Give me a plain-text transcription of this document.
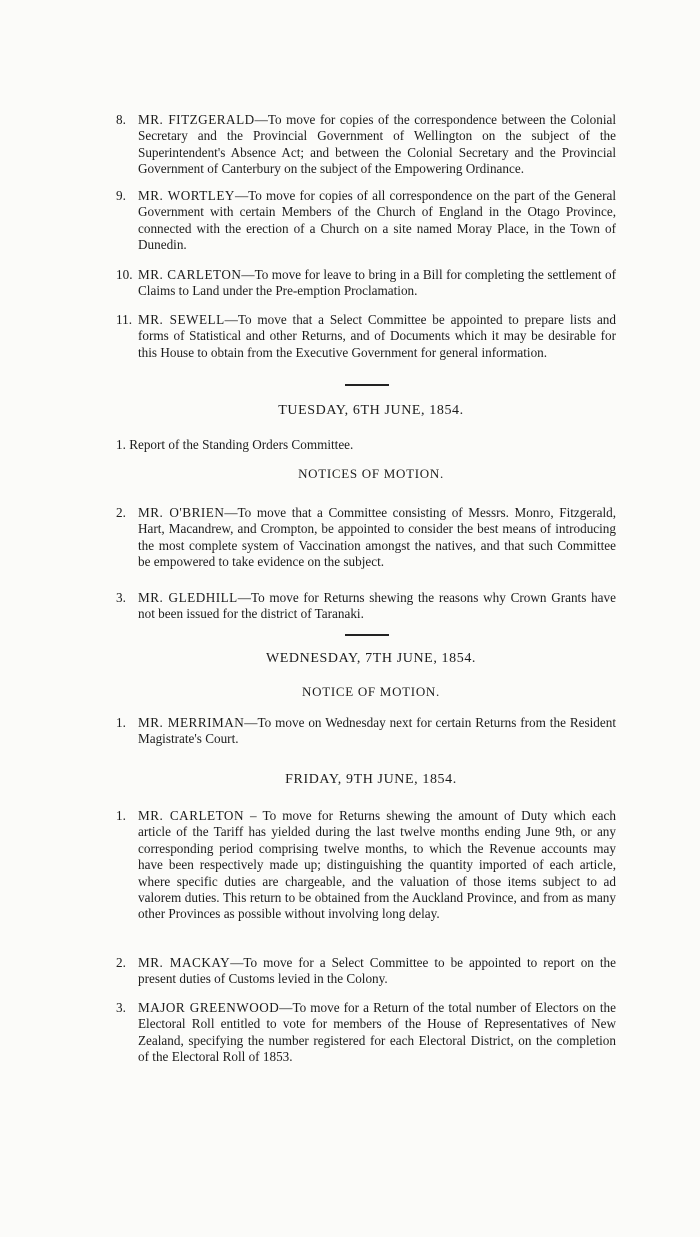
8. MR. FITZGERALD—To move for copies of the correspondence between the Colonial Secretary and the Provincial Government of Wellington on the subject of the Superintendent's Absence Act; and between the Colonial Secretary and the Provincial Government of Canterbury on the subject of the Empowering Ordinance.
9. MR. WORTLEY—To move for copies of all correspondence on the part of the General Government with certain Members of the Church of England in the Otago Province, connected with the erection of a Church on a site named Moray Place, in the Town of Dunedin.
10. MR. CARLETON—To move for leave to bring in a Bill for completing the settlement of Claims to Land under the Pre-emption Proclamation.
11. MR. SEWELL—To move that a Select Committee be appointed to prepare lists and forms of Statistical and other Returns, and of Documents which it may be desirable for this House to obtain from the Executive Government for general information.
TUESDAY, 6TH JUNE, 1854.
1. Report of the Standing Orders Committee.
NOTICES OF MOTION.
2. MR. O'BRIEN—To move that a Committee consisting of Messrs. Monro, Fitzgerald, Hart, Macandrew, and Crompton, be appointed to consider the best means of introducing the most complete system of Vaccination amongst the natives, and that such Committee be empowered to take evidence on the subject.
3. MR. GLEDHILL—To move for Returns shewing the reasons why Crown Grants have not been issued for the district of Taranaki.
WEDNESDAY, 7TH JUNE, 1854.
NOTICE OF MOTION.
1. MR. MERRIMAN—To move on Wednesday next for certain Returns from the Resident Magistrate's Court.
FRIDAY, 9TH JUNE, 1854.
1. MR. CARLETON – To move for Returns shewing the amount of Duty which each article of the Tariff has yielded during the last twelve months ending June 9th, or any corresponding period comprising twelve months, to which the Revenue accounts may have been respectively made up; distinguishing the quantity imported of each article, where specific duties are chargeable, and the valuation of those items subject to ad valorem duties. This return to be obtained from the Auckland Province, and from as many other Provinces as possible without involving long delay.
2. MR. MACKAY—To move for a Select Committee to be appointed to report on the present duties of Customs levied in the Colony.
3. MAJOR GREENWOOD—To move for a Return of the total number of Electors on the Electoral Roll entitled to vote for members of the House of Representatives of New Zealand, specifying the number registered for each Electoral District, on the completion of the Electoral Roll of 1853.
